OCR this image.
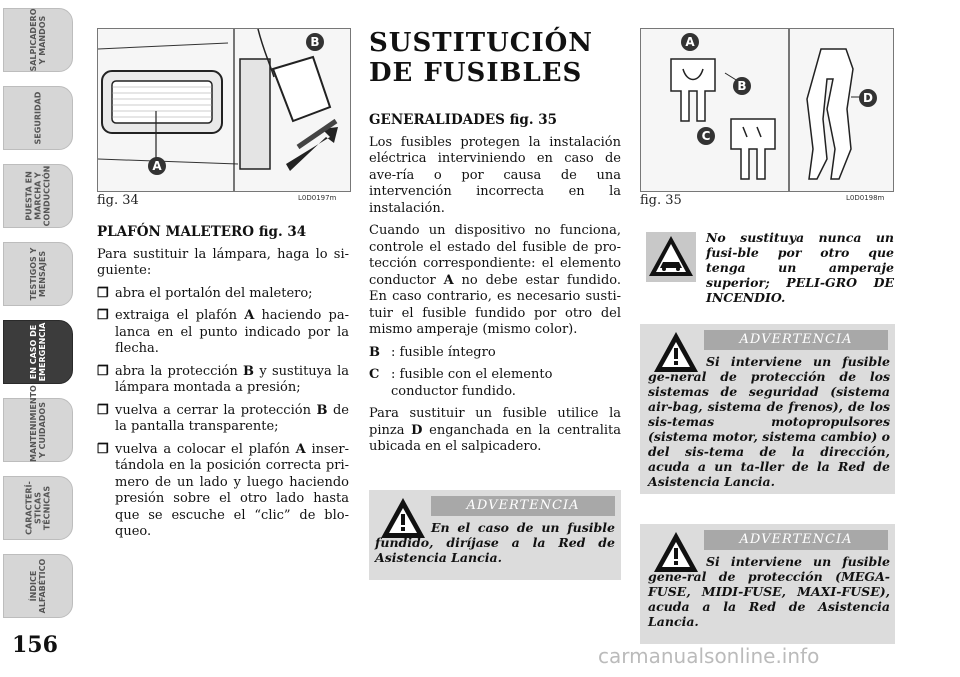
SALPICADERO
Y MANDOS
SEGURIDAD
PUESTA EN
MARCHA Y
CONDUCCIÓN
TESTIGOS Y
MENSAJES
EN CASO DE
EMERGENCIA
MANTENIMIENTO
Y CUIDADOS
CARACTERÍ-
STICAS
TÉCNICAS
ÍNDICE
ALFABÉTICO
156
B
A
fig. 34	L0D0197m
PLAFÓN MALETERO fig. 34

Para sustituir la lámpara, haga lo si-guiente:

❐ abra el portalón del maletero;
❐ extraiga el plafón A haciendo pa-lanca en el punto indicado por la flecha.
❐ abra la protección B y sustituya la lámpara montada a presión;
❐ vuelva a cerrar la protección B de la pantalla transparente;
❐ vuelva a colocar el plafón A inser-tándola en la posición correcta pri-mero de un lado y luego haciendo presión sobre el otro lado hasta que se escuche el “clic” de blo-queo.
SUSTITUCIÓN
DE FUSIBLES
GENERALIDADES fig. 35

Los fusibles protegen la instalación eléctrica interviniendo en caso de ave-ría o por causa de una intervención incorrecta en la instalación.

Cuando un dispositivo no funciona, controle el estado del fusible de pro-tección correspondiente: el elemento conductor A no debe estar fundido. En caso contrario, es necesario susti-tuir el fusible fundido por otro del mismo amperaje (mismo color).

B : fusible íntegro
C : fusible con el elemento conductor fundido.

Para sustituir un fusible utilice la pinza D enganchada en la centralita ubicada en el salpicadero.

ADVERTENCIA
En el caso de un fusible fundido, diríjase a la Red de Asistencia Lancia.
A
B
C
D
fig. 35	L0D0198m
No sustituya nunca un fusi-ble por otro que tenga un amperaje superior; PELI-GRO DE INCENDIO.
ADVERTENCIA
Si interviene un fusible ge-neral de protección de los sistemas de seguridad (sistema air-bag, sistema de frenos), de los sis-temas motopropulsores (sistema motor, sistema cambio) o del sis-tema de la dirección, acuda a un ta-ller de la Red de Asistencia Lancia.
ADVERTENCIA
Si interviene un fusible gene-ral de protección (MEGA-FUSE, MIDI-FUSE, MAXI-FUSE), acuda a la Red de Asistencia Lancia.
carmanualsonline.info
